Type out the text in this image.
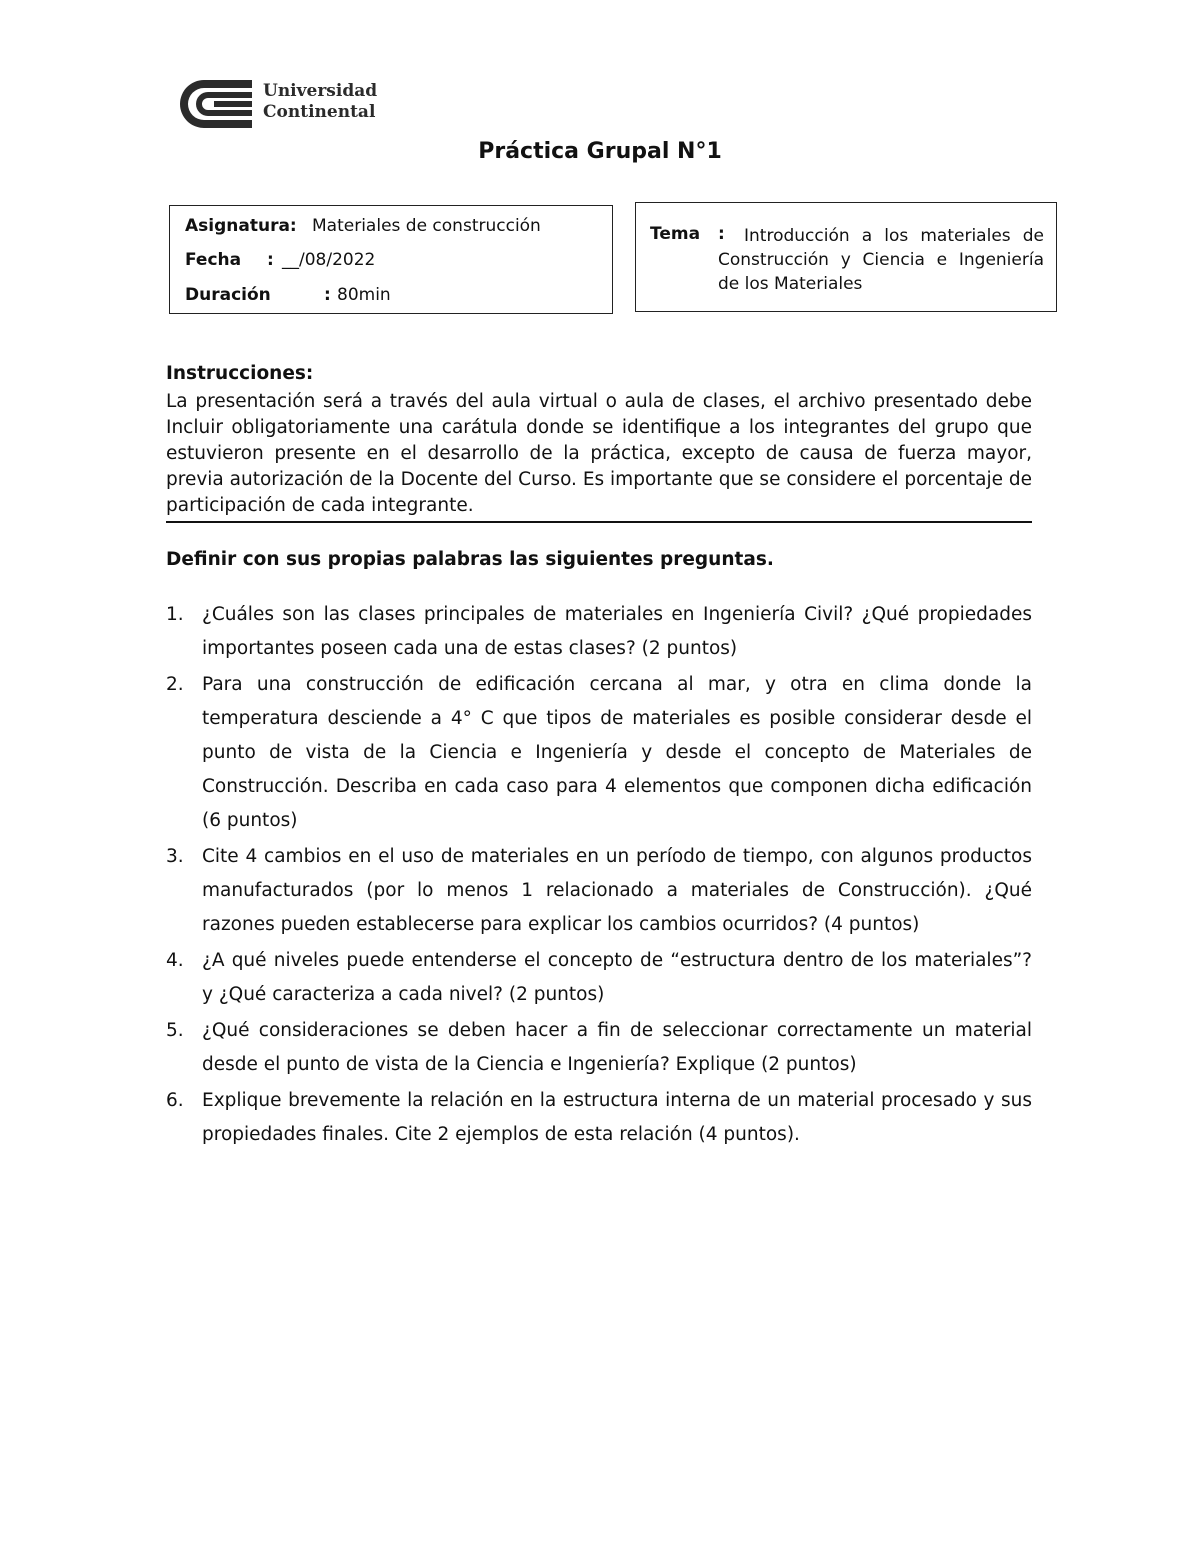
Universidad
Continental
Práctica Grupal N°1
Asignatura: Materiales de construcción
Fecha : __/08/2022
Duración	: 80min
Tema :	Introducción a los materiales de Construcción y Ciencia e Ingeniería de los Materiales
Instrucciones:
La presentación será a través del aula virtual o aula de clases, el archivo presentado debe Incluir obligatoriamente una carátula donde se identifique a los integrantes del grupo que estuvieron presente en el desarrollo de la práctica, excepto de causa de fuerza mayor, previa autorización de la Docente del Curso. Es importante que se considere el porcentaje de participación de cada integrante.
Definir con sus propias palabras las siguientes preguntas.
1. ¿Cuáles son las clases principales de materiales en Ingeniería Civil? ¿Qué propiedades importantes poseen cada una de estas clases? (2 puntos)
2. Para una construcción de edificación cercana al mar, y otra en clima donde la temperatura desciende a 4° C que tipos de materiales es posible considerar desde el punto de vista de la Ciencia e Ingeniería y desde el concepto de Materiales de Construcción. Describa en cada caso para 4 elementos que componen dicha edificación (6 puntos)
3. Cite 4 cambios en el uso de materiales en un período de tiempo, con algunos productos manufacturados (por lo menos 1 relacionado a materiales de Construcción). ¿Qué razones pueden establecerse para explicar los cambios ocurridos? (4 puntos)
4. ¿A qué niveles puede entenderse el concepto de “estructura dentro de los materiales”? y ¿Qué caracteriza a cada nivel? (2 puntos)
5. ¿Qué consideraciones se deben hacer a fin de seleccionar correctamente un material desde el punto de vista de la Ciencia e Ingeniería? Explique (2 puntos)
6. Explique brevemente la relación en la estructura interna de un material procesado y sus propiedades finales. Cite 2 ejemplos de esta relación (4 puntos).
